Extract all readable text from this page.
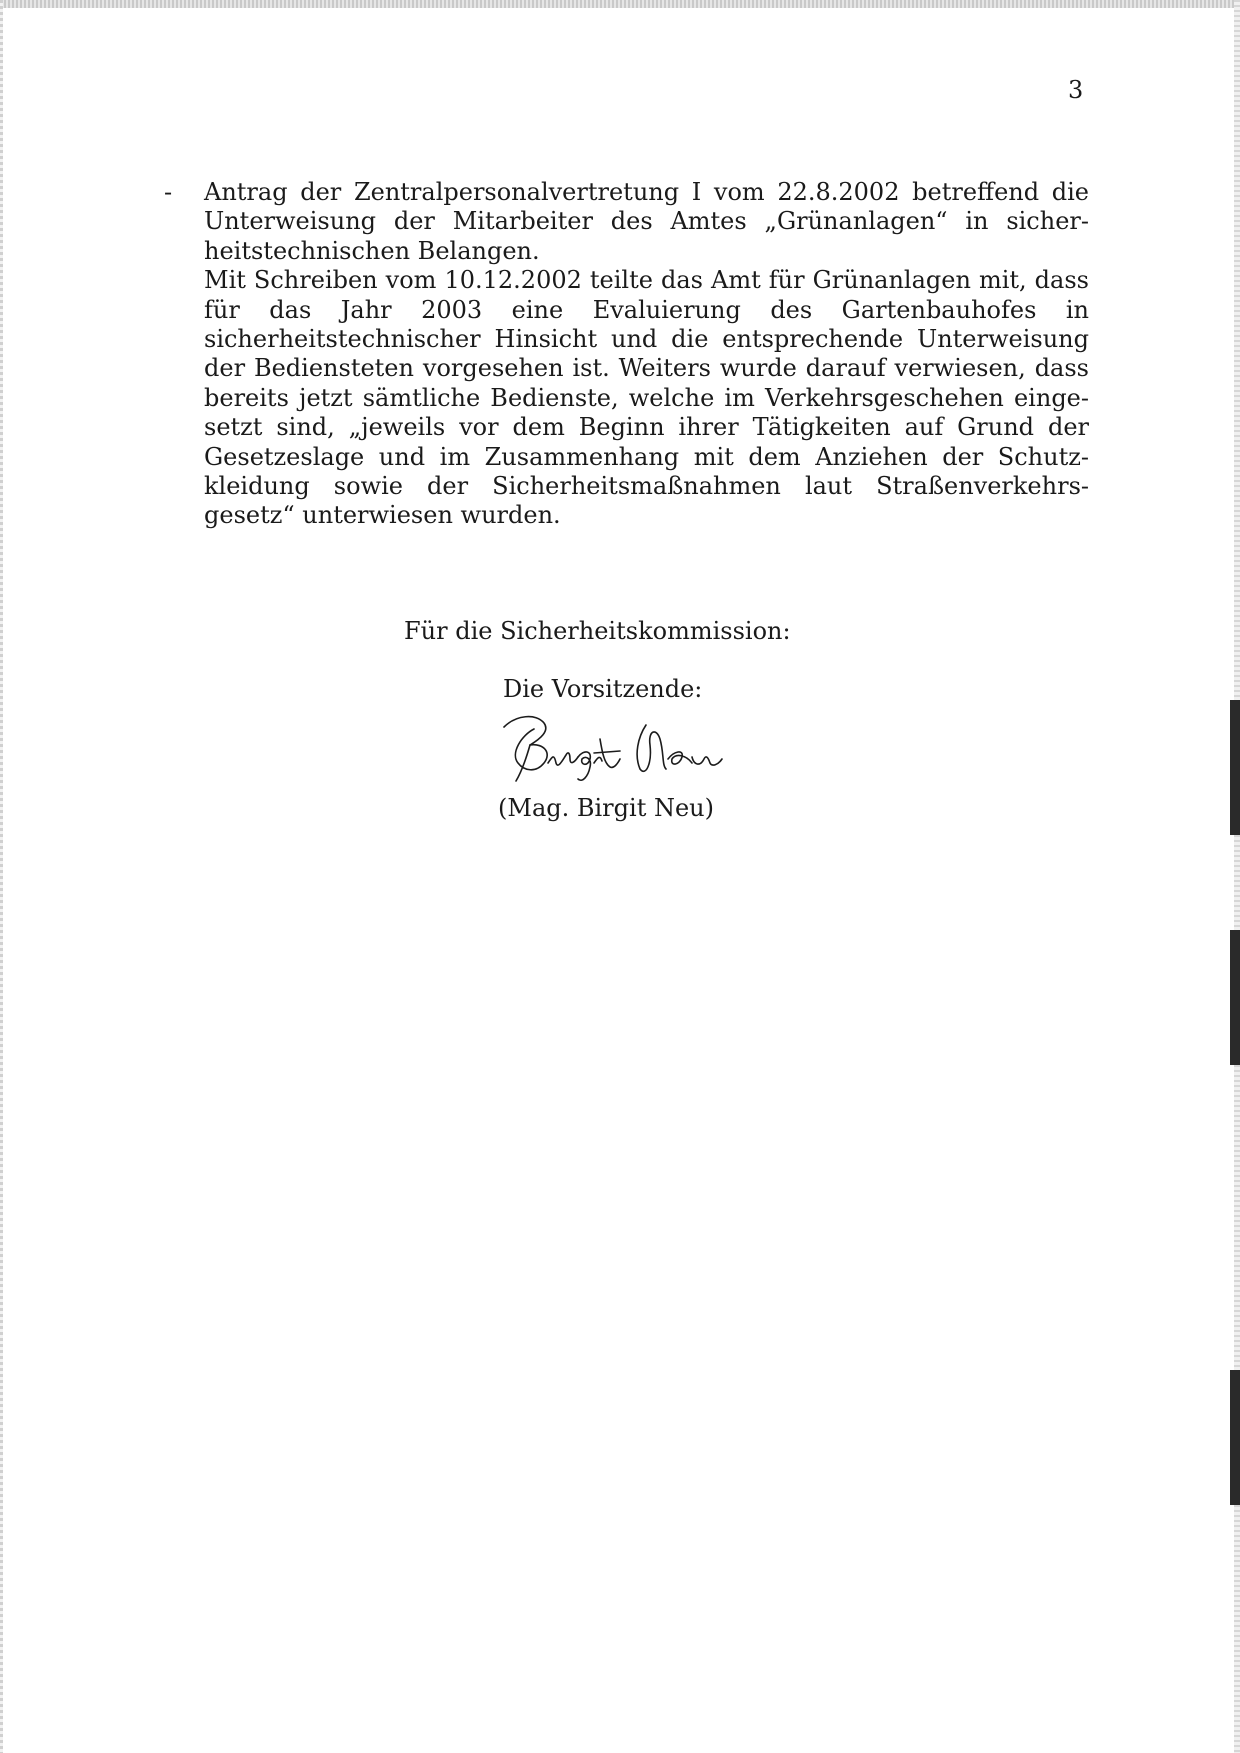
3
- Antrag der Zentralpersonalvertretung I vom 22.8.2002 betreffend die Unterweisung der Mitarbeiter des Amtes „Grünanlagen“ in sicher-heitstechnischen Belangen.

Mit Schreiben vom 10.12.2002 teilte das Amt für Grünanlagen mit, dass für das Jahr 2003 eine Evaluierung des Gartenbauhofes in sicherheitstechnischer Hinsicht und die entsprechende Unterweisung der Bediensteten vorgesehen ist. Weiters wurde darauf verwiesen, dass bereits jetzt sämtliche Bedienste, welche im Verkehrsgeschehen einge-setzt sind, „jeweils vor dem Beginn ihrer Tätigkeiten auf Grund der Gesetzeslage und im Zusammenhang mit dem Anziehen der Schutz-kleidung sowie der Sicherheitsmaßnahmen laut Straßenverkehrs-gesetz“ unterwiesen wurden.

Für die Sicherheitskommission:
Die Vorsitzende:
(Mag. Birgit Neu)
